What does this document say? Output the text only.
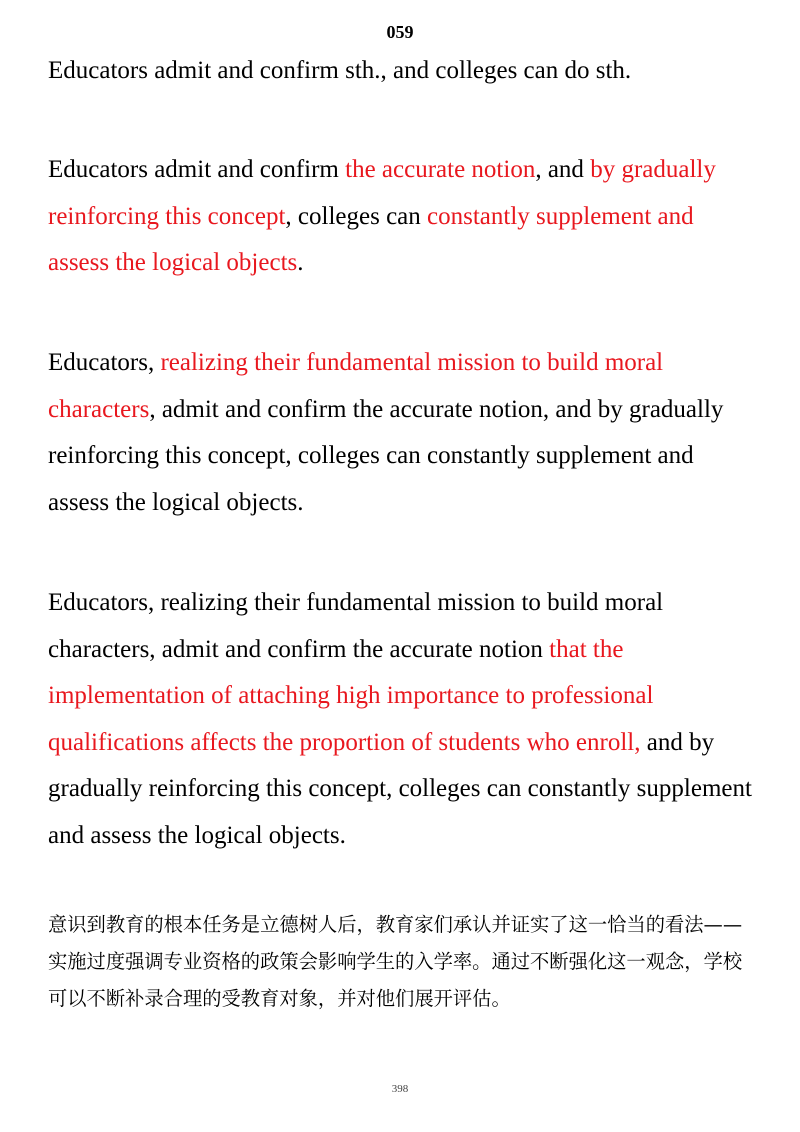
059
Educators admit and confirm sth., and colleges can do sth.
Educators admit and confirm the accurate notion, and by gradually reinforcing this concept, colleges can constantly supplement and assess the logical objects.
Educators, realizing their fundamental mission to build moral characters, admit and confirm the accurate notion, and by gradually reinforcing this concept, colleges can constantly supplement and assess the logical objects.
Educators, realizing their fundamental mission to build moral characters, admit and confirm the accurate notion that the implementation of attaching high importance to professional qualifications affects the proportion of students who enroll, and by gradually reinforcing this concept, colleges can constantly supplement and assess the logical objects.
意识到教育的根本任务是立德树人后，教育家们承认并证实了这一恰当的看法——实施过度强调专业资格的政策会影响学生的入学率。通过不断强化这一观念，学校可以不断补录合理的受教育对象，并对他们展开评估。
398
